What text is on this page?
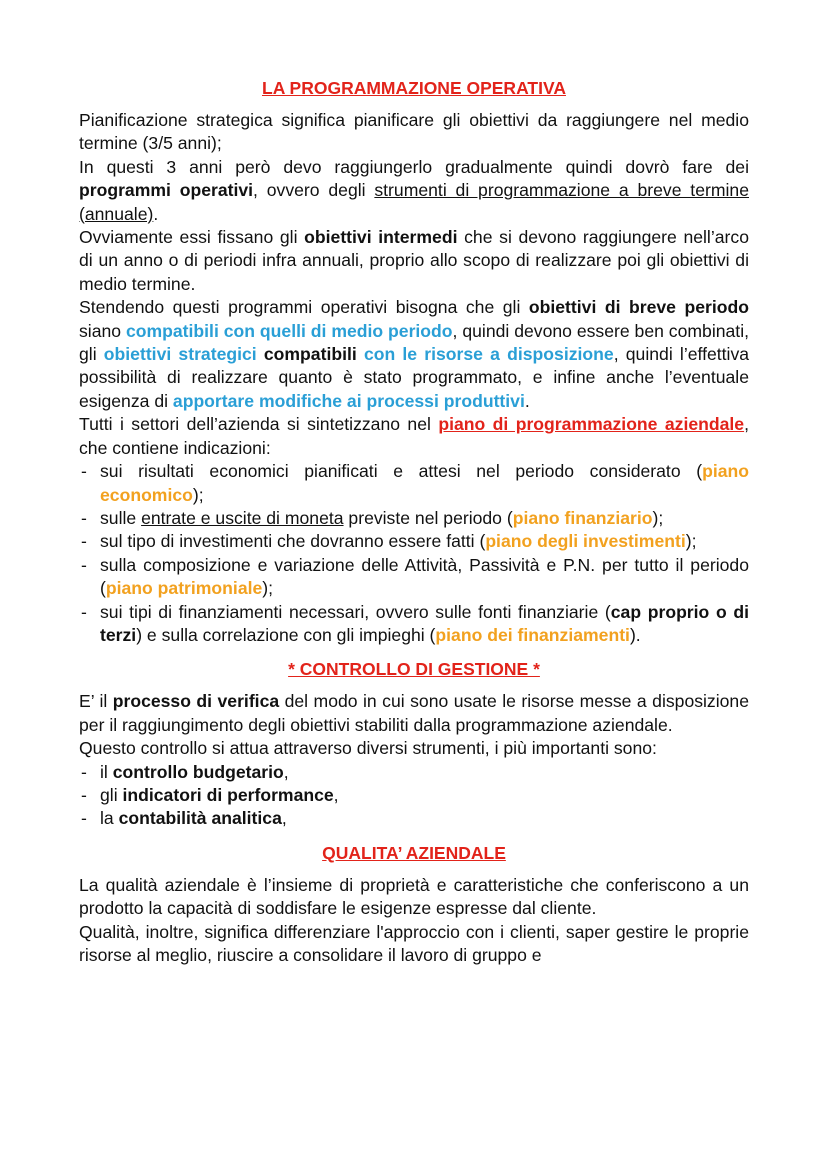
LA PROGRAMMAZIONE OPERATIVA

Pianificazione strategica significa pianificare gli obiettivi da raggiungere nel medio termine (3/5 anni);

In questi 3 anni però devo raggiungerlo gradualmente quindi dovrò fare dei programmi operativi, ovvero degli strumenti di programmazione a breve termine (annuale).

Ovviamente essi fissano gli obiettivi intermedi che si devono raggiungere nell’arco di un anno o di periodi infra annuali, proprio allo scopo di realizzare poi gli obiettivi di medio termine.

Stendendo questi programmi operativi bisogna che gli obiettivi di breve periodo siano compatibili con quelli di medio periodo, quindi devono essere ben combinati, gli obiettivi strategici compatibili con le risorse a disposizione, quindi l’effettiva possibilità di realizzare quanto è stato programmato, e infine anche l’eventuale esigenza di apportare modifiche ai processi produttivi.

Tutti i settori dell’azienda si sintetizzano nel piano di programmazione aziendale, che contiene indicazioni:

- sui risultati economici pianificati e attesi nel periodo considerato (piano economico);
- sulle entrate e uscite di moneta previste nel periodo (piano finanziario);
- sul tipo di investimenti che dovranno essere fatti (piano degli investimenti);
- sulla composizione e variazione delle Attività, Passività e P.N. per tutto il periodo (piano patrimoniale);
- sui tipi di finanziamenti necessari, ovvero sulle fonti finanziarie (cap proprio o di terzi) e sulla correlazione con gli impieghi (piano dei finanziamenti).
* CONTROLLO DI GESTIONE *

E’ il processo di verifica del modo in cui sono usate le risorse messe a disposizione per il raggiungimento degli obiettivi stabiliti dalla programmazione aziendale.

Questo controllo si attua attraverso diversi strumenti, i più importanti sono:

- il controllo budgetario,
- gli indicatori di performance,
- la contabilità analitica,
QUALITA’ AZIENDALE

La qualità aziendale è l’insieme di proprietà e caratteristiche che conferiscono a un prodotto la capacità di soddisfare le esigenze espresse dal cliente.

Qualità, inoltre, significa differenziare l'approccio con i clienti, saper gestire le proprie risorse al meglio, riuscire a consolidare il lavoro di gruppo e
